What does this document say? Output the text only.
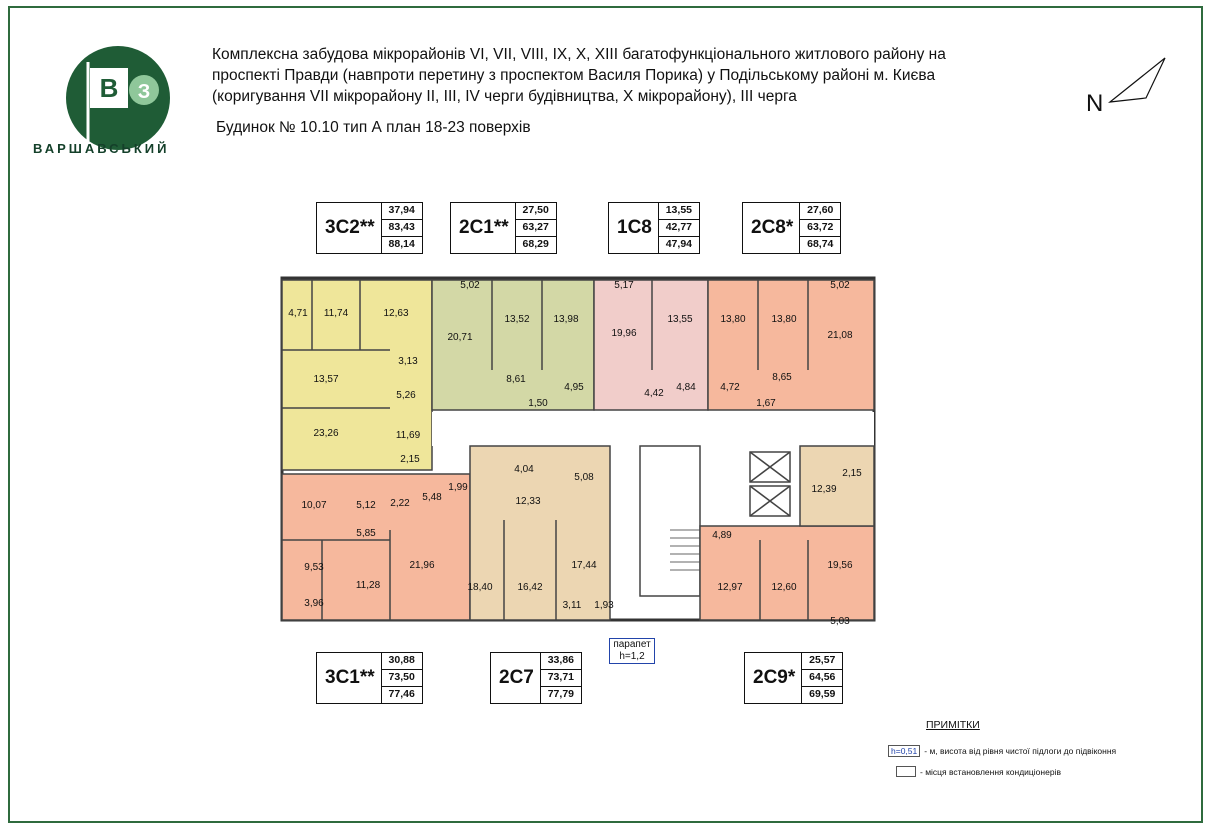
В З
ВАРШАВСЬКИЙ
Комплексна забудова мікрорайонів VI, VII, VIII, IX, X, XIII багатофункціонального житлового району на
проспекті Правди (навпроти перетину з проспектом Василя Порика) у Подільському районі м. Києва
(коригування VII мікрорайону II, III, IV черги будівництва, Х мікрорайону), III черга
Будинок № 10.10 тип А план 18-23 поверхів
N
4,71 11,74	12,63
5,02
20,71
13,52 13,98
5,17
19,96
13,55	13,80	13,80
5,02
21,08
3,13
13,57
5,26
8,61
4,95
1,50
4,42
4,84 4,72
8,65
1,67
23,26	11,69
2,15
4,04
5,08
12,33
2,15
12,39
10,07	5,12 2,22
5,48
1,99
5,85	4,89
9,53
11,28
21,96
18,40 16,42
17,44
12,97	12,60
19,56
3,96	3,11 1,93
5,03
3С2**
37,94
83,43
88,14
2С1**
27,50
63,27
68,29
1С8
13,55
42,77
47,94
2С8*
27,60
63,72
68,74
3С1**
30,88
73,50
77,46
2С7
33,86
73,71
77,79
2С9*
25,57
64,56
69,59
парапет
h=1,2
ПРИМІТКИ
h=0,51 - м, висота від рівня чистої підлоги до підвіконня
- місця встановлення кондиціонерів
